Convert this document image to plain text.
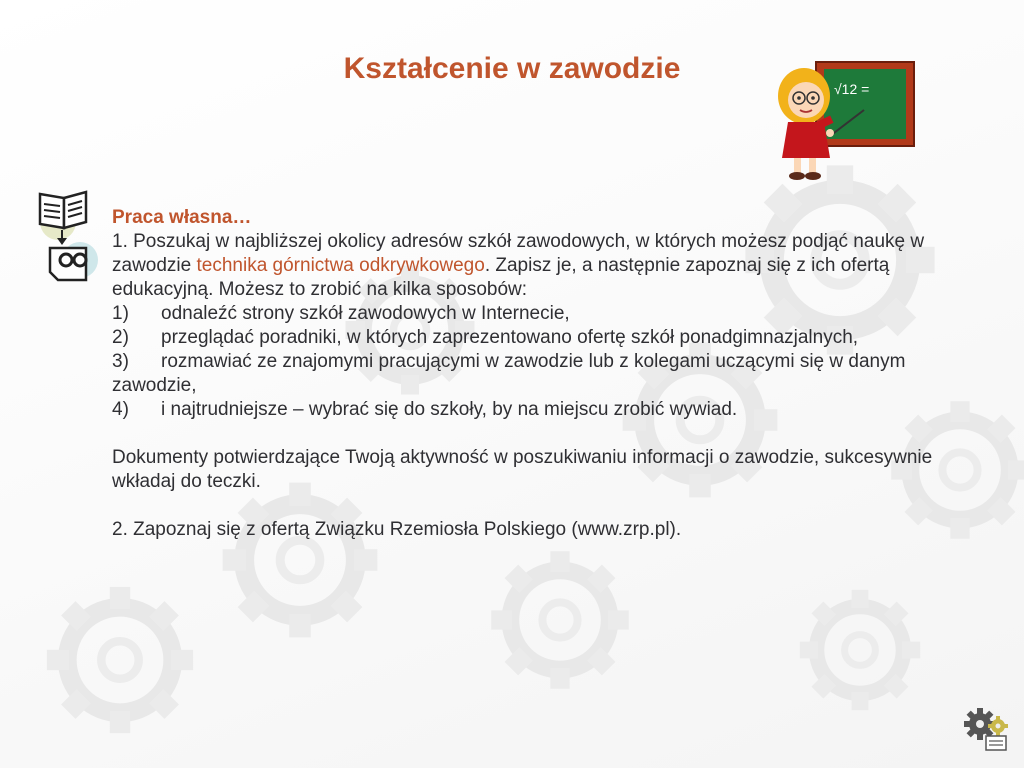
Kształcenie w zawodzie
√12 =

Praca własna…

1. Poszukaj w najbliższej okolicy adresów szkół zawodowych, w których możesz podjąć naukę w zawodzie technika górnictwa odkrywkowego. Zapisz je, a następnie zapoznaj się z ich ofertą edukacyjną. Możesz to zrobić na kilka sposobów:

1) odnaleźć strony szkół zawodowych w Internecie,

2) przeglądać poradniki, w których zaprezentowano ofertę szkół ponadgimnazjalnych,

3) rozmawiać ze znajomymi pracującymi w zawodzie lub z kolegami uczącymi się w danym zawodzie,

4) i najtrudniejsze – wybrać się do szkoły, by na miejscu zrobić wywiad.

Dokumenty potwierdzające Twoją aktywność w poszukiwaniu informacji o zawodzie, sukcesywnie wkładaj do teczki.

2. Zapoznaj się z ofertą Związku Rzemiosła Polskiego (www.zrp.pl).
